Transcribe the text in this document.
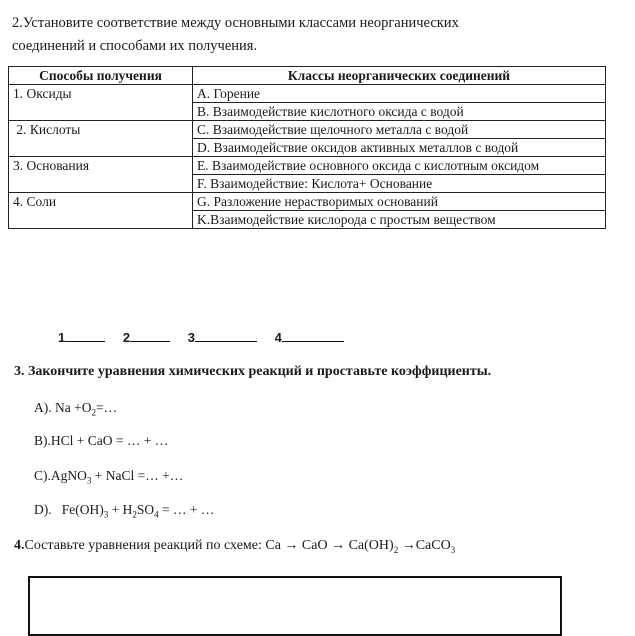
2.Установите соответствие между основными классами неорганических
соединений и способами их получения.
Способы получения	Классы неорганических соединений
1. Оксиды	A. Горение
	B. Взаимодействие кислотного оксида с водой
2. Кислоты	C. Взаимодействие щелочного металла с водой
	D. Взаимодействие оксидов активных металлов с водой
3. Основания	E. Взаимодействие основного оксида с кислотным оксидом
	F. Взаимодействие: Кислота+ Основание
4. Соли	G. Разложение нерастворимых оснований
	K.Взаимодействие кислорода с простым веществом
1	2	3	4
3. Закончите уравнения химических реакций и проставьте коэффициенты.
A). $Na +O_2=\dots$
B).HCl + CaO = … + …
C).AgNO$_3$ + NaCl =… +…
D).   $Fe(OH)_3 + H_2SO_4$ = … + …
4.Составьте уравнения реакций по схеме: Ca → CaO → $Ca(OH)_2$ →CaCO$_3$
